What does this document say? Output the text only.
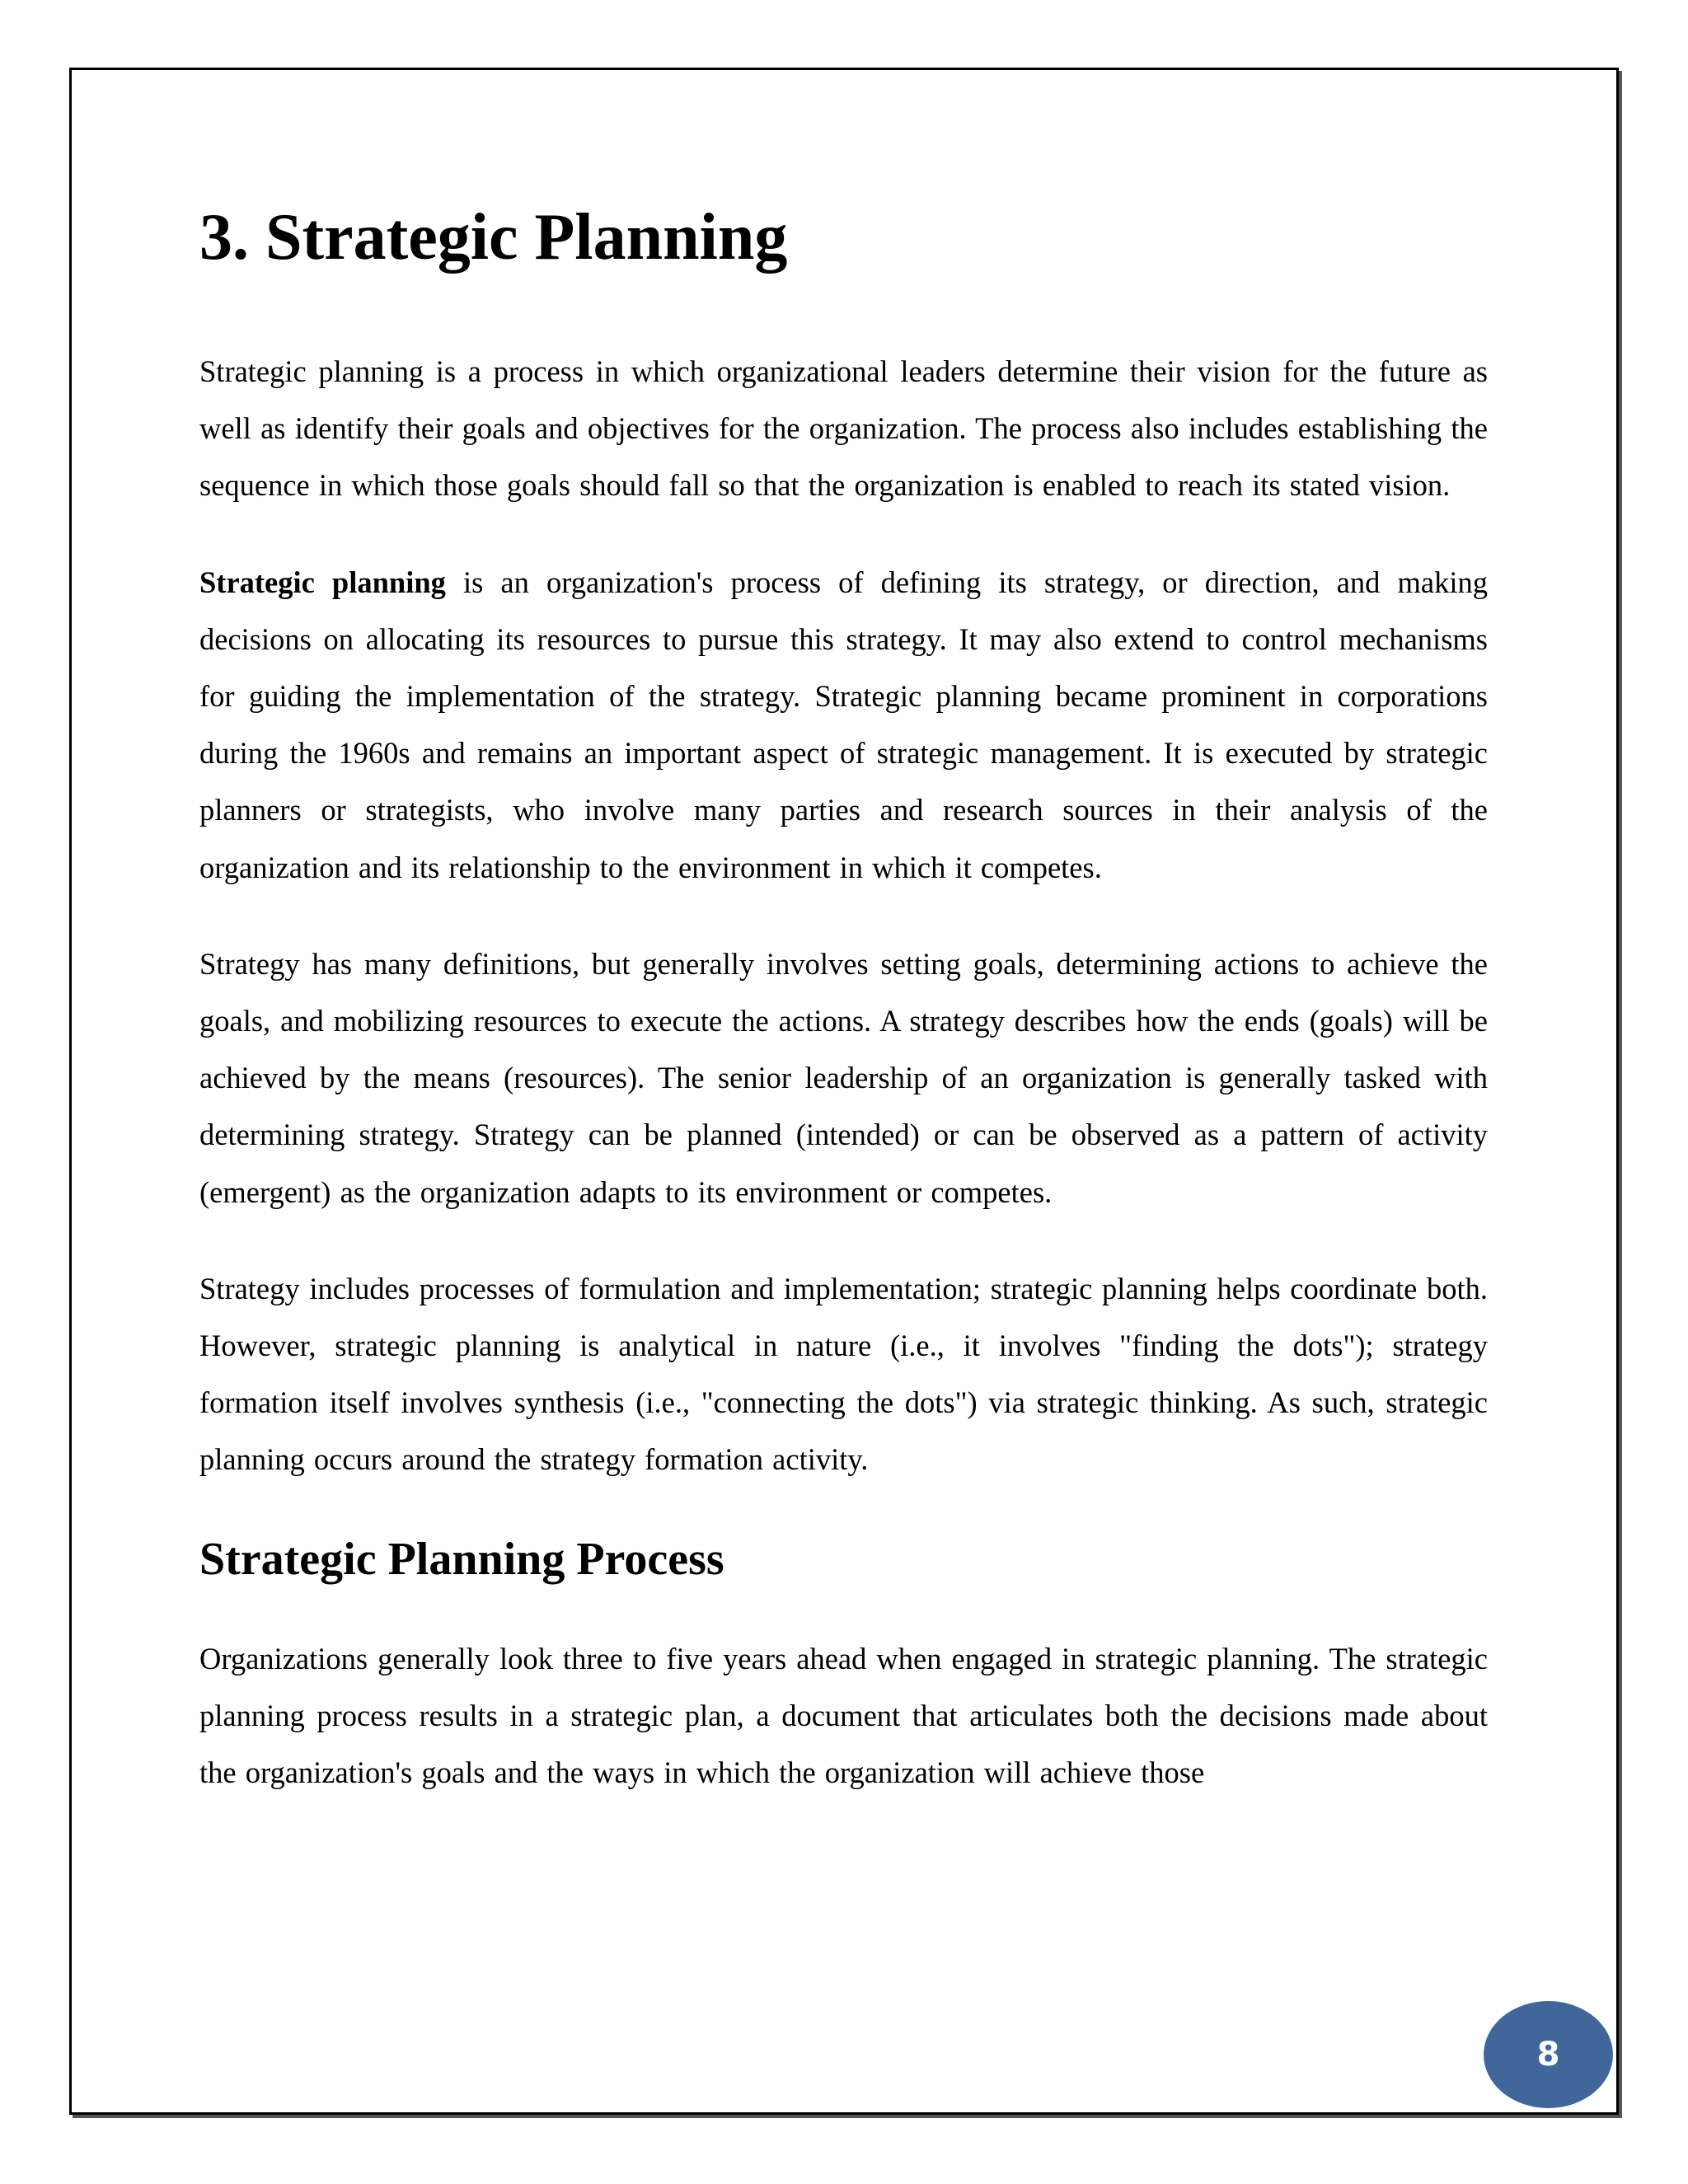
3. Strategic Planning

Strategic planning is a process in which organizational leaders determine their vision for the future as well as identify their goals and objectives for the organization. The process also includes establishing the sequence in which those goals should fall so that the organization is enabled to reach its stated vision.

Strategic planning is an organization's process of defining its strategy, or direction, and making decisions on allocating its resources to pursue this strategy. It may also extend to control mechanisms for guiding the implementation of the strategy. Strategic planning became prominent in corporations during the 1960s and remains an important aspect of strategic management. It is executed by strategic planners or strategists, who involve many parties and research sources in their analysis of the organization and its relationship to the environment in which it competes.

Strategy has many definitions, but generally involves setting goals, determining actions to achieve the goals, and mobilizing resources to execute the actions. A strategy describes how the ends (goals) will be achieved by the means (resources). The senior leadership of an organization is generally tasked with determining strategy. Strategy can be planned (intended) or can be observed as a pattern of activity (emergent) as the organization adapts to its environment or competes.

Strategy includes processes of formulation and implementation; strategic planning helps coordinate both. However, strategic planning is analytical in nature (i.e., it involves "finding the dots"); strategy formation itself involves synthesis (i.e., "connecting the dots") via strategic thinking. As such, strategic planning occurs around the strategy formation activity.

Strategic Planning Process

Organizations generally look three to five years ahead when engaged in strategic planning. The strategic planning process results in a strategic plan, a document that articulates both the decisions made about the organization's goals and the ways in which the organization will achieve those

8
